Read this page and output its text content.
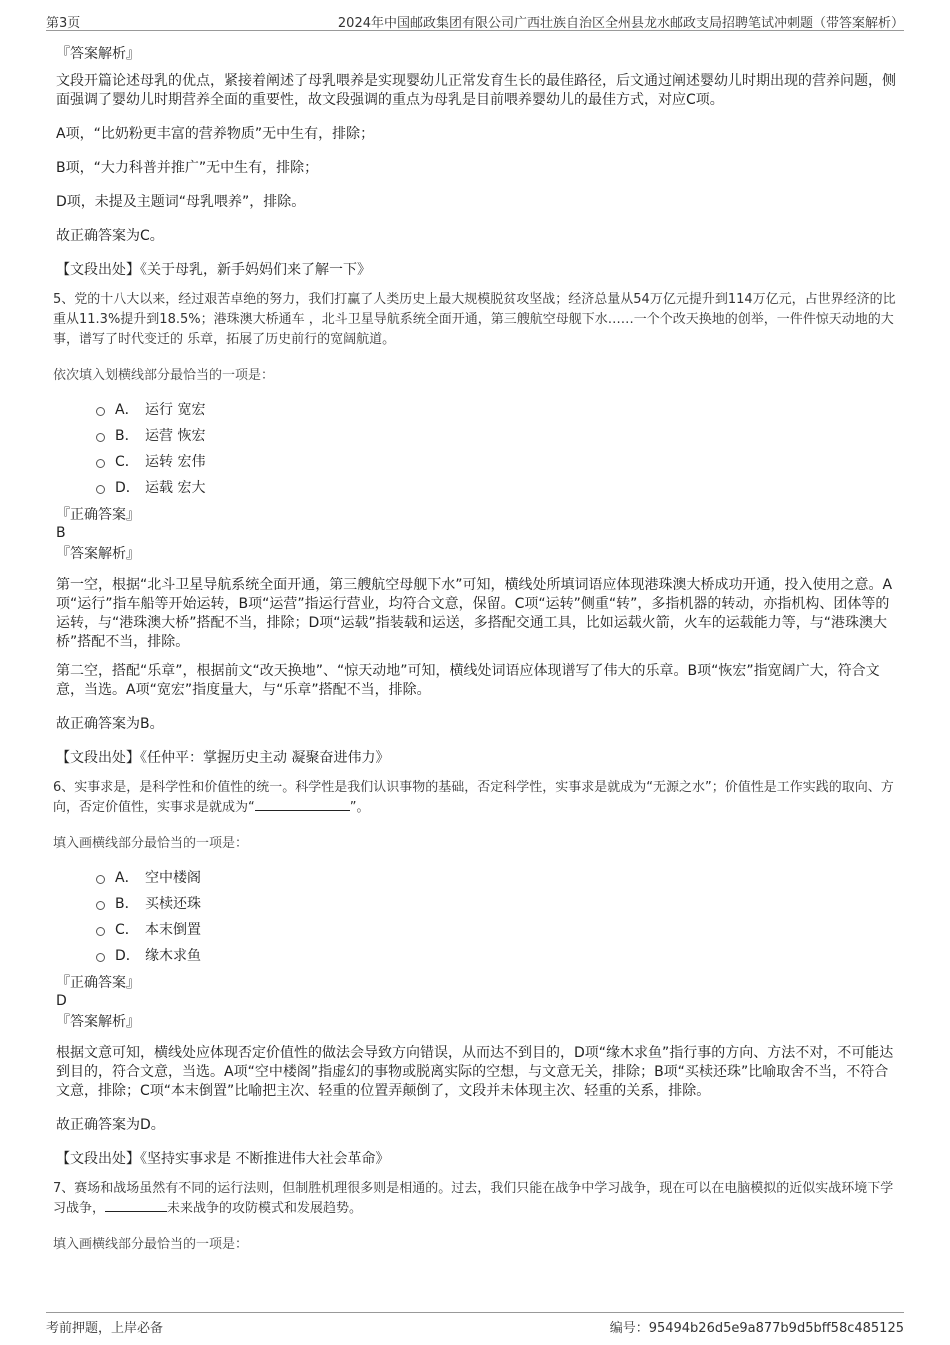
第3页	2024年中国邮政集团有限公司广西壮族自治区全州县龙水邮政支局招聘笔试冲刺题（带答案解析）
『答案解析』
文段开篇论述母乳的优点，紧接着阐述了母乳喂养是实现婴幼儿正常发育生长的最佳路径，后文通过阐述婴幼儿时期出现的营养问题，侧面强调了婴幼儿时期营养全面的重要性，故文段强调的重点为母乳是目前喂养婴幼儿的最佳方式，对应C项。
A项，“比奶粉更丰富的营养物质”无中生有，排除；
B项，“大力科普并推广”无中生有，排除；
D项，未提及主题词“母乳喂养”，排除。
故正确答案为C。
【文段出处】《关于母乳，新手妈妈们来了解一下》
5、党的十八大以来，经过艰苦卓绝的努力，我们打赢了人类历史上最大规模脱贫攻坚战；经济总量从54万亿元提升到114万亿元，占世界经济的比重从11.3%提升到18.5%；港珠澳大桥通车 ，北斗卫星导航系统全面开通，第三艘航空母舰下水……一个个改天换地的创举，一件件惊天动地的大事，谱写了时代变迁的 乐章，拓展了历史前行的宽阔航道。
依次填入划横线部分最恰当的一项是：
A． 运行 宽宏
B． 运营 恢宏
C． 运转 宏伟
D． 运载 宏大
『正确答案』
B
『答案解析』
第一空，根据“北斗卫星导航系统全面开通，第三艘航空母舰下水”可知，横线处所填词语应体现港珠澳大桥成功开通，投入使用之意。A项“运行”指车船等开始运转，B项“运营”指运行营业，均符合文意，保留。C项“运转”侧重“转”，多指机器的转动，亦指机构、团体等的运转，与“港珠澳大桥”搭配不当，排除；D项“运载”指装载和运送，多搭配交通工具，比如运载火箭，火车的运载能力等，与“港珠澳大桥”搭配不当，排除。
第二空，搭配“乐章”，根据前文“改天换地”、“惊天动地”可知，横线处词语应体现谱写了伟大的乐章。B项“恢宏”指宽阔广大，符合文意，当选。A项“宽宏”指度量大，与“乐章”搭配不当，排除。
故正确答案为B。
【文段出处】《任仲平：掌握历史主动 凝聚奋进伟力》
6、实事求是，是科学性和价值性的统一。科学性是我们认识事物的基础，否定科学性，实事求是就成为“无源之水”；价值性是工作实践的取向、方向，否定价值性，实事求是就成为“	”。
填入画横线部分最恰当的一项是：
A． 空中楼阁
B． 买椟还珠
C． 本末倒置
D． 缘木求鱼
『正确答案』
D
『答案解析』
根据文意可知，横线处应体现否定价值性的做法会导致方向错误，从而达不到目的，D项“缘木求鱼”指行事的方向、方法不对，不可能达到目的，符合文意，当选。A项“空中楼阁”指虚幻的事物或脱离实际的空想，与文意无关，排除；B项“买椟还珠”比喻取舍不当，不符合文意，排除；C项“本末倒置”比喻把主次、轻重的位置弄颠倒了，文段并未体现主次、轻重的关系，排除。
故正确答案为D。
【文段出处】《坚持实事求是 不断推进伟大社会革命》
7、赛场和战场虽然有不同的运行法则，但制胜机理很多则是相通的。过去，我们只能在战争中学习战争，现在可以在电脑模拟的近似实战环境下学习战争，	未来战争的攻防模式和发展趋势。
填入画横线部分最恰当的一项是：
考前押题，上岸必备	编号：95494b26d5e9a877b9d5bff58c485125
